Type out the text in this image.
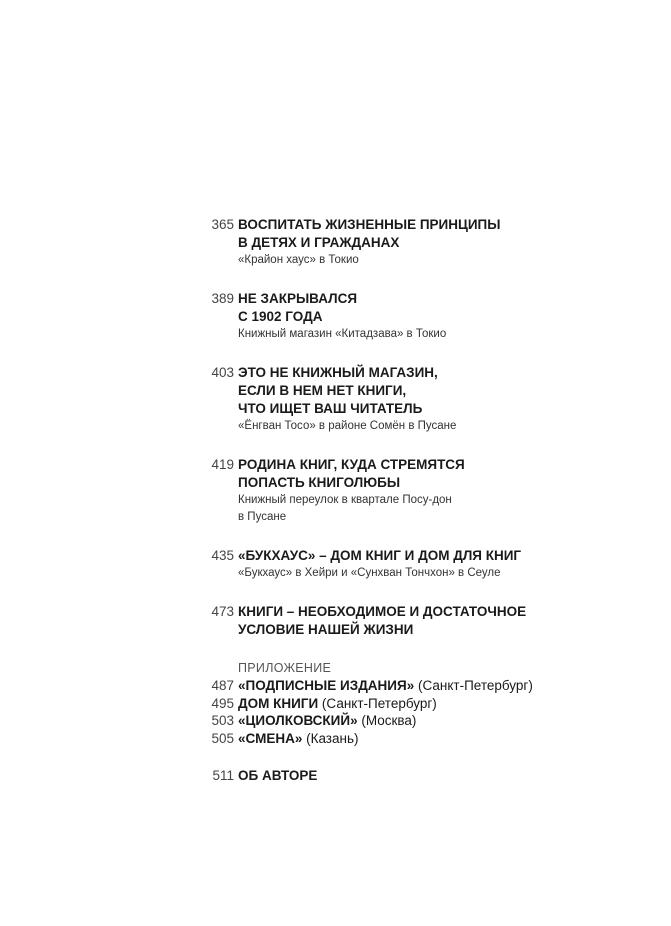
365 ВОСПИТАТЬ ЖИЗНЕННЫЕ ПРИНЦИПЫ
В ДЕТЯХ И ГРАЖДАНАХ
«Крайон хаус» в Токио
389 НЕ ЗАКРЫВАЛСЯ
С 1902 ГОДА
Книжный магазин «Китадзава» в Токио
403 ЭТО НЕ КНИЖНЫЙ МАГАЗИН,
ЕСЛИ В НЕМ НЕТ КНИГИ,
ЧТО ИЩЕТ ВАШ ЧИТАТЕЛЬ
«Ёнгван Тосо» в районе Сомён в Пусане
419 РОДИНА КНИГ, КУДА СТРЕМЯТСЯ
ПОПАСТЬ КНИГОЛЮБЫ
Книжный переулок в квартале Посу-дон
в Пусане
435 «БУКХАУС» – ДОМ КНИГ И ДОМ ДЛЯ КНИГ
«Букхаус» в Хейри и «Сунхван Тончхон» в Сеуле
473 КНИГИ – НЕОБХОДИМОЕ И ДОСТАТОЧНОЕ
УСЛОВИЕ НАШЕЙ ЖИЗНИ
ПРИЛОЖЕНИЕ
487 «ПОДПИСНЫЕ ИЗДАНИЯ» (Санкт-Петербург)
495 ДОМ КНИГИ (Санкт-Петербург)
503 «ЦИОЛКОВСКИЙ» (Москва)
505 «СМЕНА» (Казань)
511 ОБ АВТОРЕ
